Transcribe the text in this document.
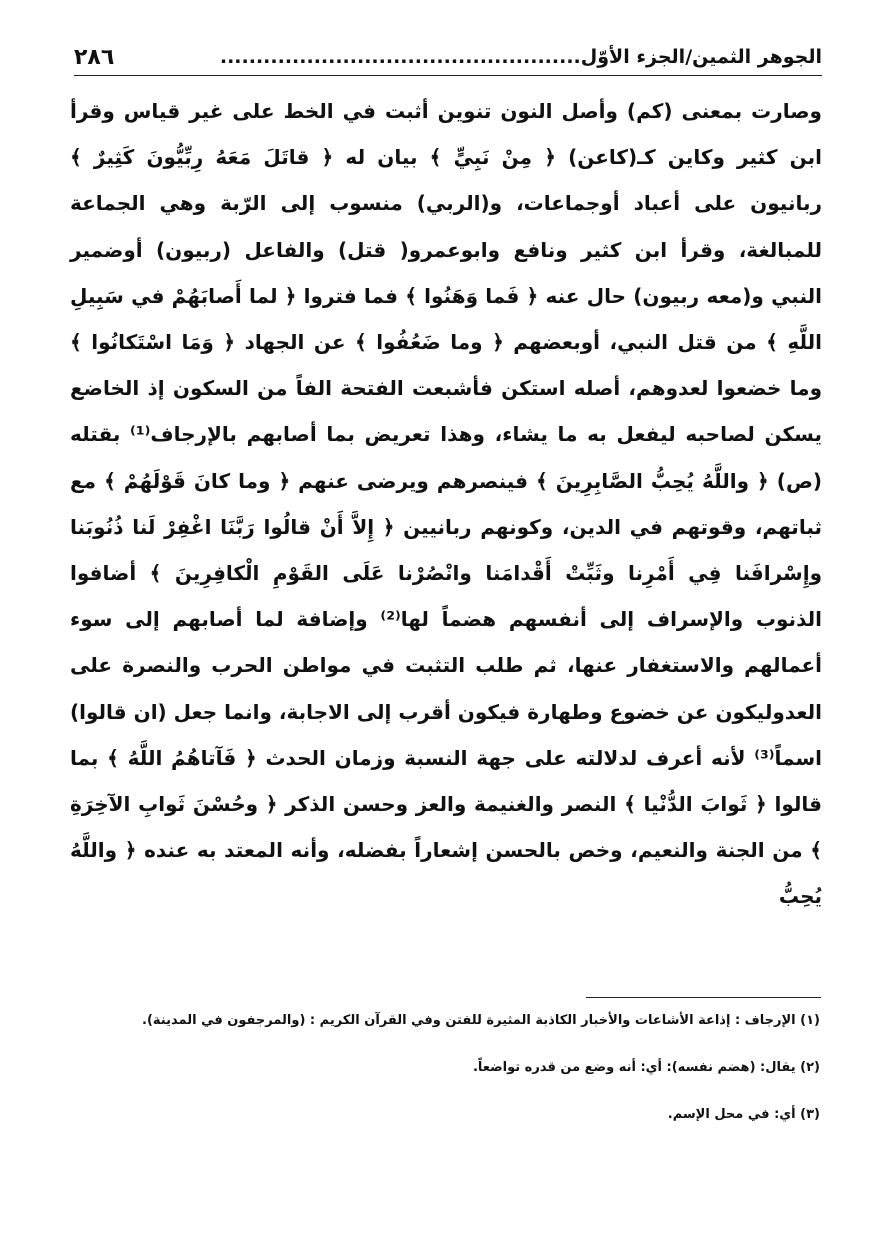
الجوهر الثمين/الجزء الأوّل..................................................
٢٨٦

وصارت بمعنى (كم) وأصل النون تنوين أثبت في الخط على غير قياس وقرأ ابن كثير وكاين كـ(كاعن) ﴿ مِنْ نَبِيٍّ ﴾ بيان له ﴿ قاتَلَ مَعَهُ رِبِّيُّونَ كَثِيرٌ ﴾ ربانيون على أعباد أوجماعات، و(الربي) منسوب إلى الرّبة وهي الجماعة للمبالغة، وقرأ ابن كثير ونافع وابوعمرو( قتل) والفاعل (ربيون) أوضمير النبي و(معه ربيون) حال عنه ﴿ فَما وَهَنُوا ﴾ فما فتروا ﴿ لما أَصابَهُمْ في سَبِيلِ اللَّهِ ﴾ من قتل النبي، أوبعضهم ﴿ وما ضَعُفُوا ﴾ عن الجهاد ﴿ وَمَا اسْتَكانُوا ﴾ وما خضعوا لعدوهم، أصله استكن فأشبعت الفتحة الفاً من السكون إذ الخاضع يسكن لصاحبه ليفعل به ما يشاء، وهذا تعريض بما أصابهم بالإرجاف⁽¹⁾ بقتله (ص) ﴿ واللَّهُ يُحِبُّ الصَّابِرِينَ ﴾ فينصرهم ويرضى عنهم ﴿ وما كانَ قَوْلَهُمْ ﴾ مع ثباتهم، وقوتهم في الدين، وكونهم ربانيين ﴿ إِلاَّ أَنْ قالُوا رَبَّنَا اغْفِرْ لَنا ذُنُوبَنا وإِسْرافَنا فِي أَمْرِنا وثَبِّتْ أَقْدامَنا وانْصُرْنا عَلَى القَوْمِ الْكافِرِينَ ﴾ أضافوا الذنوب والإسراف إلى أنفسهم هضماً لها⁽²⁾ وإضافة لما أصابهم إلى سوء أعمالهم والاستغفار عنها، ثم طلب التثبت في مواطن الحرب والنصرة على العدوليكون عن خضوع وطهارة فيكون أقرب إلى الاجابة، وانما جعل (ان قالوا) اسماً⁽³⁾ لأنه أعرف لدلالته على جهة النسبة وزمان الحدث ﴿ فَآتاهُمُ اللَّهُ ﴾ بما قالوا ﴿ ثَوابَ الدُّنْيا ﴾ النصر والغنيمة والعز وحسن الذكر ﴿ وحُسْنَ ثَوابِ الآخِرَةِ ﴾ من الجنة والنعيم، وخص بالحسن إشعاراً بفضله، وأنه المعتد به عنده ﴿ واللَّهُ يُحِبُّ

(١) الإرجاف : إذاعة الأشاعات والأخبار الكاذبة المثيرة للفتن وفي القرآن الكريم : (والمرجفون في المدينة).

(٢) يقال: (هضم نفسه): أي: أنه وضع من قدره تواضعاً.

(٣) أي: في محل الإسم.
